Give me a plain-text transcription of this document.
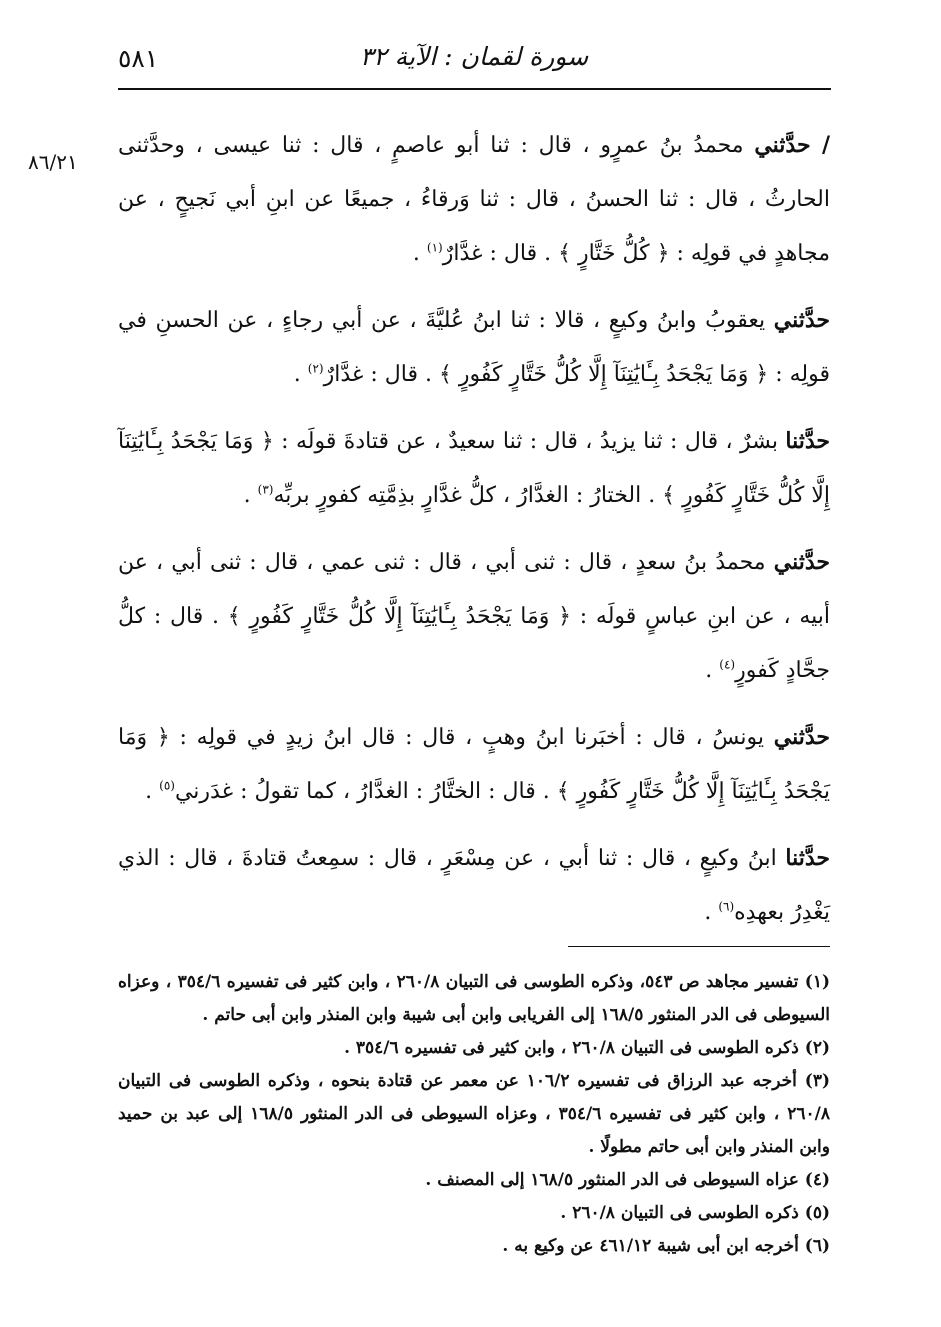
٥٨١	سورة لقمان : الآية ٣٢
٨٦/٢١

/ حدَّثني محمدُ بنُ عمرٍو ، قال : ثنا أبو عاصمٍ ، قال : ثنا عيسى ، وحدَّثنى الحارثُ ، قال : ثنا الحسنُ ، قال : ثنا وَرقاءُ ، جميعًا عن ابنِ أبي نَجيحٍ ، عن مجاهدٍ في قولِه : ﴿ كُلُّ خَتَّارٍ ﴾ . قال : غدَّارٌ$^{(١)}$ .

حدَّثني يعقوبُ وابنُ وكيعٍ ، قالا : ثنا ابنُ عُليَّةَ ، عن أبي رجاءٍ ، عن الحسنِ في قولِه : ﴿ وَمَا يَجْحَدُ بِـَٔايَٰتِنَآ إِلَّا كُلُّ خَتَّارٍ كَفُورٍ ﴾ . قال : غدَّارٌ$^{(٢)}$ .

حدَّثنا بشرٌ ، قال : ثنا يزيدُ ، قال : ثنا سعيدٌ ، عن قتادةَ قولَه : ﴿ وَمَا يَجْحَدُ بِـَٔايَٰتِنَآ إِلَّا كُلُّ خَتَّارٍ كَفُورٍ ﴾ . الختارُ : الغدَّارُ ، كلُّ غدَّارٍ بذِمَّتِه كفورٍ بربِّه$^{(٣)}$ .

حدَّثني محمدُ بنُ سعدٍ ، قال : ثنى أبي ، قال : ثنى عمي ، قال : ثنى أبي ، عن أبيه ، عن ابنِ عباسٍ قولَه : ﴿ وَمَا يَجْحَدُ بِـَٔايَٰتِنَآ إِلَّا كُلُّ خَتَّارٍ كَفُورٍ ﴾ . قال : كلُّ جحَّادٍ كَفورٍ$^{(٤)}$ .

حدَّثني يونسُ ، قال : أخبَرنا ابنُ وهبٍ ، قال : قال ابنُ زيدٍ في قولِه : ﴿ وَمَا يَجْحَدُ بِـَٔايَٰتِنَآ إِلَّا كُلُّ خَتَّارٍ كَفُورٍ ﴾ . قال : الختَّارُ : الغدَّارُ ، كما تقولُ : غدَرني$^{(٥)}$ .

حدَّثنا ابنُ وكيعٍ ، قال : ثنا أبي ، عن مِسْعَرٍ ، قال : سمِعتُ قتادةَ ، قال : الذي يَغْدِرُ بعهدِه$^{(٦)}$ .

(١) تفسير مجاهد ص ٥٤٣، وذكره الطوسى فى التبيان ٢٦٠/٨ ، وابن كثير فى تفسيره ٣٥٤/٦ ، وعزاه السيوطى فى الدر المنثور ١٦٨/٥ إلى الفريابى وابن أبى شيبة وابن المنذر وابن أبى حاتم .

(٢) ذكره الطوسى فى التبيان ٢٦٠/٨ ، وابن كثير فى تفسيره ٣٥٤/٦ .

(٣) أخرجه عبد الرزاق فى تفسيره ١٠٦/٢ عن معمر عن قتادة بنحوه ، وذكره الطوسى فى التبيان ٢٦٠/٨ ، وابن كثير فى تفسيره ٣٥٤/٦ ، وعزاه السيوطى فى الدر المنثور ١٦٨/٥ إلى عبد بن حميد وابن المنذر وابن أبى حاتم مطولًا .

(٤) عزاه السيوطى فى الدر المنثور ١٦٨/٥ إلى المصنف .

(٥) ذكره الطوسى فى التبيان ٢٦٠/٨ .

(٦) أخرجه ابن أبى شيبة ٤٦١/١٢ عن وكيع به .
